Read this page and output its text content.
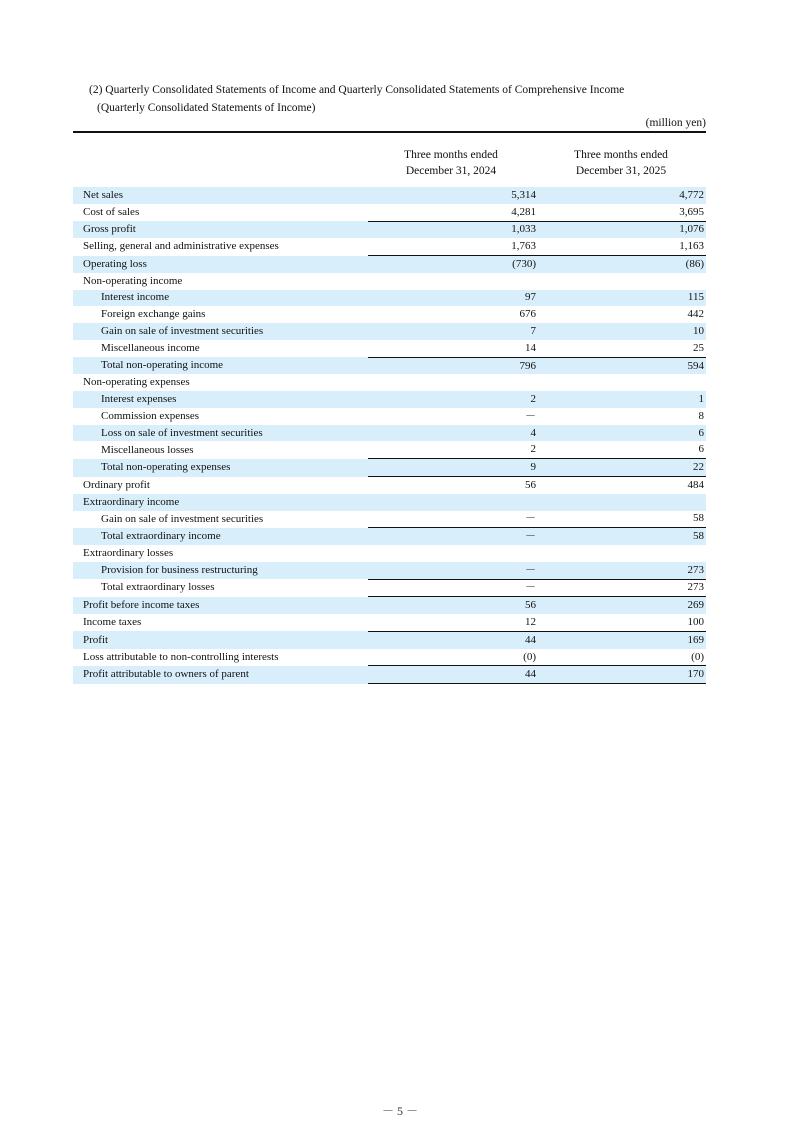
(2) Quarterly Consolidated Statements of Income and Quarterly Consolidated Statements of Comprehensive Income
(Quarterly Consolidated Statements of Income)
(million yen)
Three months ended
December 31, 2024
Three months ended
December 31, 2025
Net sales	5,314	4,772
Cost of sales	4,281	3,695
Gross profit	1,033	1,076
Selling, general and administrative expenses	1,763	1,163
Operating loss	(730)	(86)
Non-operating income		
Interest income	97	115
Foreign exchange gains	676	442
Gain on sale of investment securities	7	10
Miscellaneous income	14	25
Total non-operating income	796	594
Non-operating expenses		
Interest expenses	2	1
Commission expenses	－	8
Loss on sale of investment securities	4	6
Miscellaneous losses	2	6
Total non-operating expenses	9	22
Ordinary profit	56	484
Extraordinary income		
Gain on sale of investment securities	－	58
Total extraordinary income	－	58
Extraordinary losses		
Provision for business restructuring	－	273
Total extraordinary losses	－	273
Profit before income taxes	56	269
Income taxes	12	100
Profit	44	169
Loss attributable to non-controlling interests	(0)	(0)
Profit attributable to owners of parent	44	170
－ 5 －
